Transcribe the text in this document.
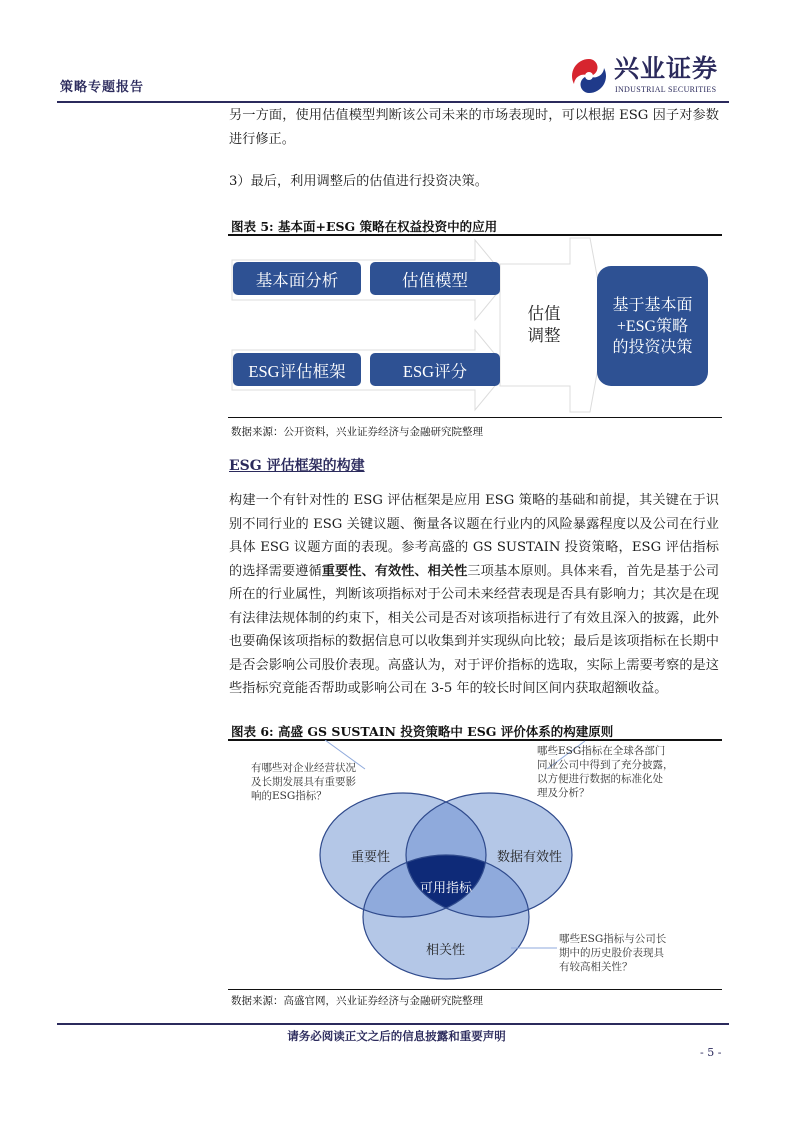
策略专题报告
兴业证券
INDUSTRIAL SECURITIES
另一方面，使用估值模型判断该公司未来的市场表现时，可以根据 ESG 因子对参数进行修正。
3）最后，利用调整后的估值进行投资决策。
图表 5: 基本面+ESG 策略在权益投资中的应用
基本面分析	估值模型
ESG评估框架	ESG评分
估值
调整
基于基本面
+ESG策略
的投资决策
数据来源：公开资料，兴业证券经济与金融研究院整理
ESG 评估框架的构建
构建一个有针对性的 ESG 评估框架是应用 ESG 策略的基础和前提，其关键在于识别不同行业的 ESG 关键议题、衡量各议题在行业内的风险暴露程度以及公司在行业具体 ESG 议题方面的表现。参考高盛的 GS SUSTAIN 投资策略，ESG 评估指标的选择需要遵循重要性、有效性、相关性三项基本原则。具体来看，首先是基于公司所在的行业属性，判断该项指标对于公司未来经营表现是否具有影响力；其次是在现有法律法规体制的约束下，相关公司是否对该项指标进行了有效且深入的披露，此外也要确保该项指标的数据信息可以收集到并实现纵向比较；最后是该项指标在长期中是否会影响公司股价表现。高盛认为，对于评价指标的选取，实际上需要考察的是这些指标究竟能否帮助或影响公司在 3-5 年的较长时间区间内获取超额收益。
图表 6: 高盛 GS SUSTAIN 投资策略中 ESG 评价体系的构建原则
重要性	数据有效性
相关性
可用指标
有哪些对企业经营状况
及长期发展具有重要影
响的ESG指标？
哪些ESG指标在全球各部门
同业公司中得到了充分披露，
以方便进行数据的标准化处
理及分析？
哪些ESG指标与公司长
期中的历史股价表现具
有较高相关性？
数据来源：高盛官网，兴业证券经济与金融研究院整理
请务必阅读正文之后的信息披露和重要声明
- 5 -
